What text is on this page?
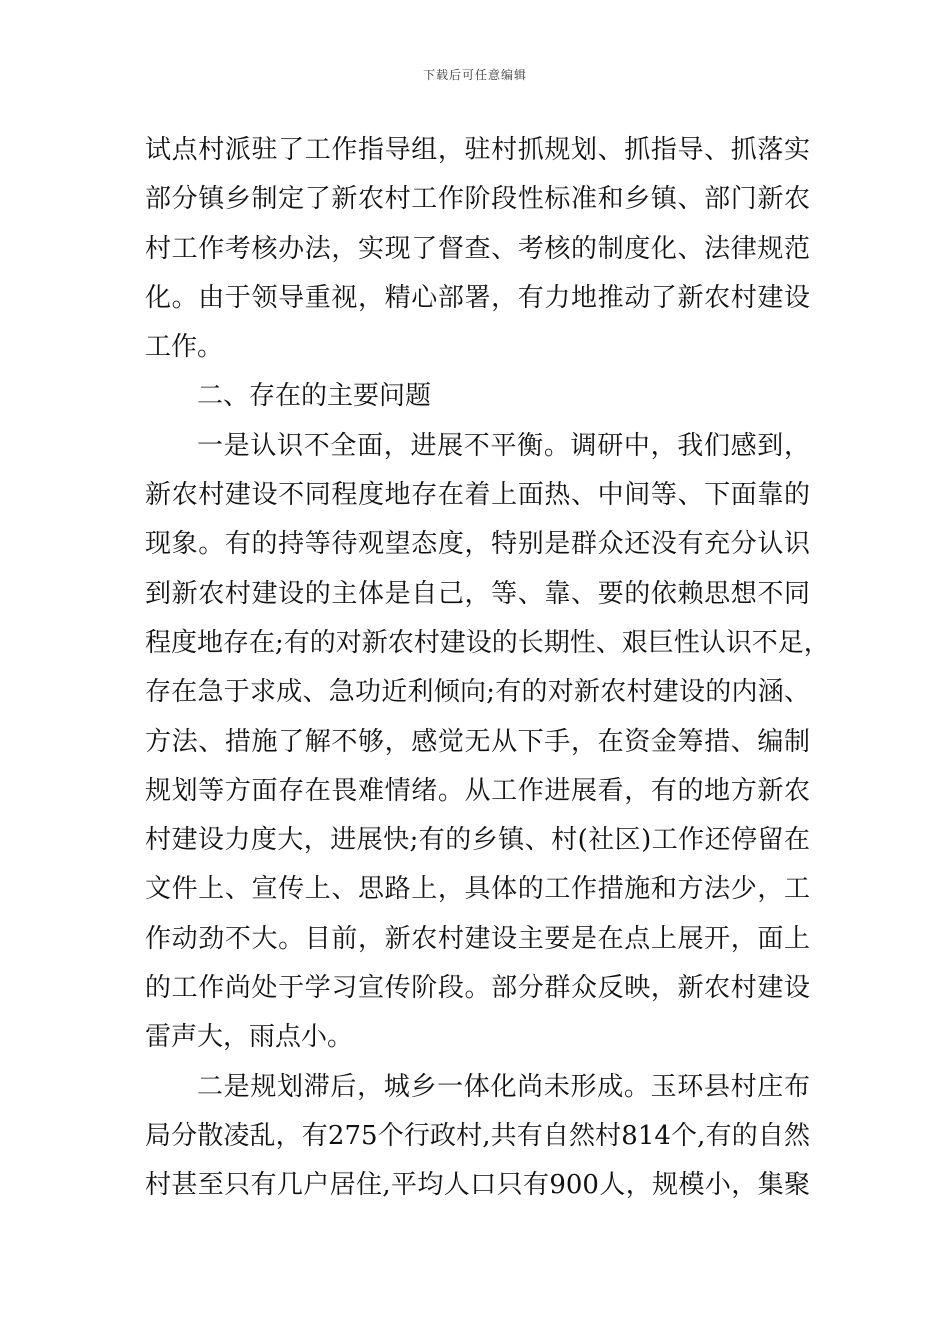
下载后可任意编辑
试点村派驻了工作指导组，驻村抓规划、抓指导、抓落实
部分镇乡制定了新农村工作阶段性标准和乡镇、部门新农
村工作考核办法，实现了督查、考核的制度化、法律规范
化。由于领导重视，精心部署，有力地推动了新农村建设
工作。
二、存在的主要问题
一是认识不全面，进展不平衡。调研中，我们感到，
新农村建设不同程度地存在着上面热、中间等、下面靠的
现象。有的持等待观望态度，特别是群众还没有充分认识
到新农村建设的主体是自己，等、靠、要的依赖思想不同
程度地存在;有的对新农村建设的长期性、艰巨性认识不足，
存在急于求成、急功近利倾向;有的对新农村建设的内涵、
方法、措施了解不够，感觉无从下手，在资金筹措、编制
规划等方面存在畏难情绪。从工作进展看，有的地方新农
村建设力度大，进展快;有的乡镇、村(社区)工作还停留在
文件上、宣传上、思路上，具体的工作措施和方法少，工
作动劲不大。目前，新农村建设主要是在点上展开，面上
的工作尚处于学习宣传阶段。部分群众反映，新农村建设
雷声大，雨点小。
二是规划滞后，城乡一体化尚未形成。玉环县村庄布
局分散凌乱，有275个行政村,共有自然村814个,有的自然
村甚至只有几户居住,平均人口只有900人，规模小，集聚
